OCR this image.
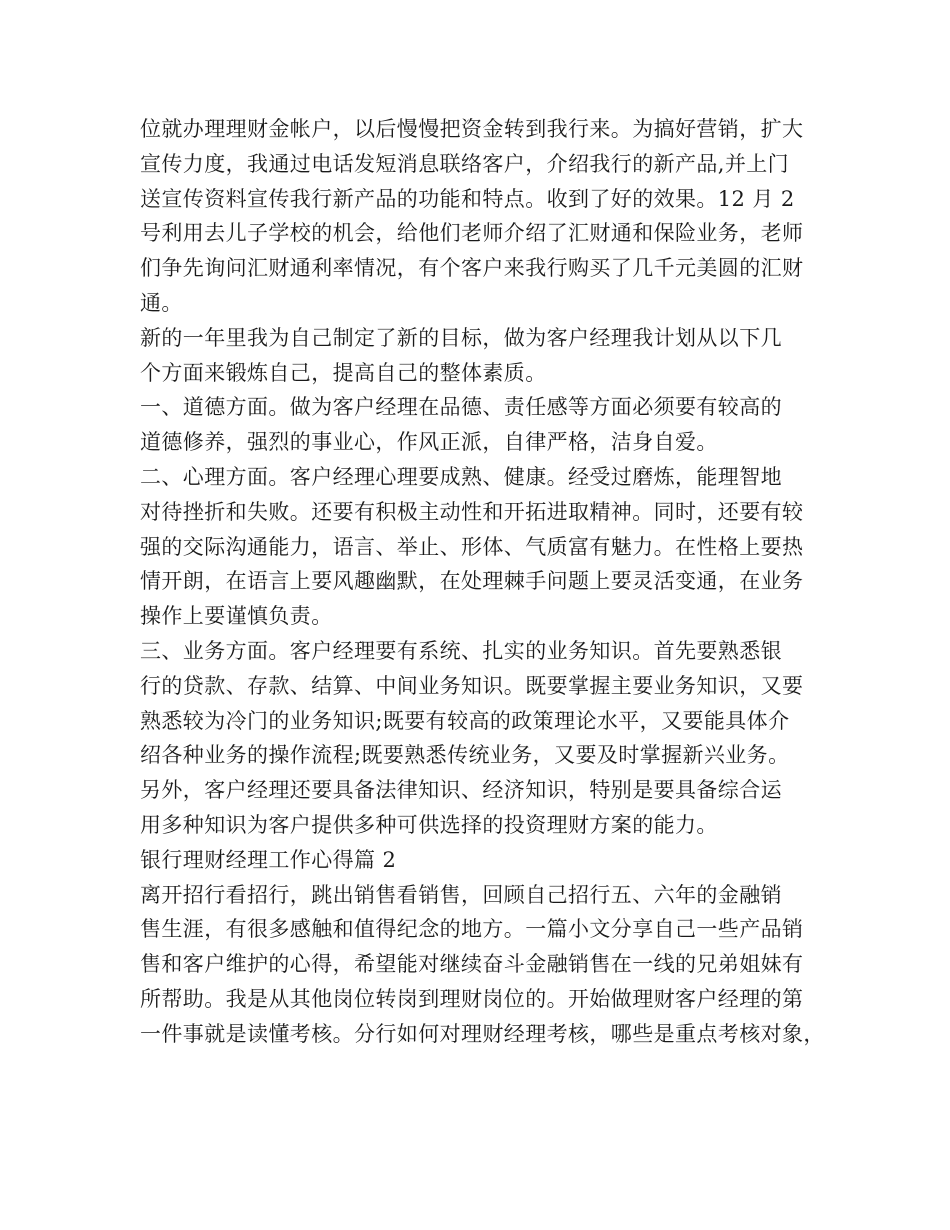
位就办理理财金帐户，以后慢慢把资金转到我行来。为搞好营销，扩大
宣传力度，我通过电话发短消息联络客户，介绍我行的新产品,并上门
送宣传资料宣传我行新产品的功能和特点。收到了好的效果。12 月 2
号利用去儿子学校的机会，给他们老师介绍了汇财通和保险业务，老师
们争先询问汇财通利率情况，有个客户来我行购买了几千元美圆的汇财
通。
新的一年里我为自己制定了新的目标，做为客户经理我计划从以下几
个方面来锻炼自己，提高自己的整体素质。
一、道德方面。做为客户经理在品德、责任感等方面必须要有较高的
道德修养，强烈的事业心，作风正派，自律严格，洁身自爱。
二、心理方面。客户经理心理要成熟、健康。经受过磨炼，能理智地
对待挫折和失败。还要有积极主动性和开拓进取精神。同时，还要有较
强的交际沟通能力，语言、举止、形体、气质富有魅力。在性格上要热
情开朗，在语言上要风趣幽默，在处理棘手问题上要灵活变通，在业务
操作上要谨慎负责。
三、业务方面。客户经理要有系统、扎实的业务知识。首先要熟悉银
行的贷款、存款、结算、中间业务知识。既要掌握主要业务知识，又要
熟悉较为冷门的业务知识;既要有较高的政策理论水平，又要能具体介
绍各种业务的操作流程;既要熟悉传统业务，又要及时掌握新兴业务。
另外，客户经理还要具备法律知识、经济知识，特别是要具备综合运
用多种知识为客户提供多种可供选择的投资理财方案的能力。
银行理财经理工作心得篇 2
离开招行看招行，跳出销售看销售，回顾自己招行五、六年的金融销
售生涯，有很多感触和值得纪念的地方。一篇小文分享自己一些产品销
售和客户维护的心得，希望能对继续奋斗金融销售在一线的兄弟姐妹有
所帮助。我是从其他岗位转岗到理财岗位的。开始做理财客户经理的第
一件事就是读懂考核。分行如何对理财经理考核，哪些是重点考核对象，
